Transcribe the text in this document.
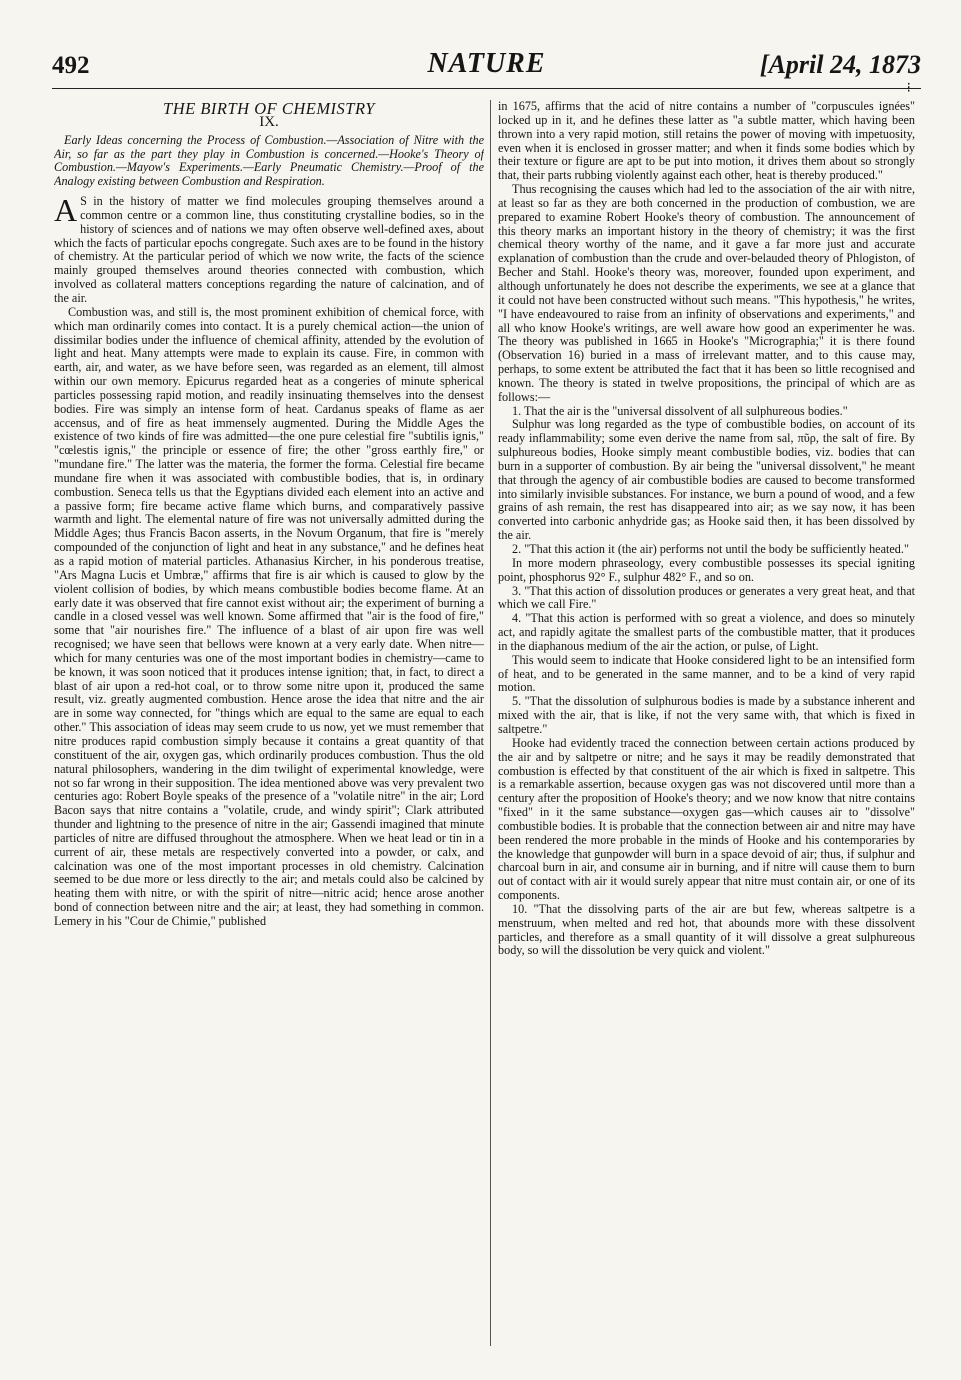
492	NATURE	[April 24, 1873
⁝
THE BIRTH OF CHEMISTRY
IX.
Early Ideas concerning the Process of Combustion.—Association of Nitre with the Air, so far as the part they play in Combustion is concerned.—Hooke's Theory of Combustion.—Mayow's Experiments.—Early Pneumatic Chemistry.—Proof of the Analogy existing between Combustion and Respiration.

A S in the history of matter we find molecules grouping themselves around a common centre or a common line, thus constituting crystalline bodies, so in the history of sciences and of nations we may often observe well-defined axes, about which the facts of particular epochs congregate. Such axes are to be found in the history of chemistry. At the particular period of which we now write, the facts of the science mainly grouped themselves around theories connected with combustion, which involved as collateral matters conceptions regarding the nature of calcination, and of the air.

Combustion was, and still is, the most prominent exhibition of chemical force, with which man ordinarily comes into contact. It is a purely chemical action—the union of dissimilar bodies under the influence of chemical affinity, attended by the evolution of light and heat. Many attempts were made to explain its cause. Fire, in common with earth, air, and water, as we have before seen, was regarded as an element, till almost within our own memory. Epicurus regarded heat as a congeries of minute spherical particles possessing rapid motion, and readily insinuating themselves into the densest bodies. Fire was simply an intense form of heat. Cardanus speaks of flame as aer accensus, and of fire as heat immensely augmented. During the Middle Ages the existence of two kinds of fire was admitted—the one pure celestial fire "subtilis ignis," "cœlestis ignis," the principle or essence of fire; the other "gross earthly fire," or "mundane fire." The latter was the materia, the former the forma. Celestial fire became mundane fire when it was associated with combustible bodies, that is, in ordinary combustion. Seneca tells us that the Egyptians divided each element into an active and a passive form; fire became active flame which burns, and comparatively passive warmth and light. The elemental nature of fire was not universally admitted during the Middle Ages; thus Francis Bacon asserts, in the Novum Organum, that fire is "merely compounded of the conjunction of light and heat in any substance," and he defines heat as a rapid motion of material particles. Athanasius Kircher, in his ponderous treatise, "Ars Magna Lucis et Umbræ," affirms that fire is air which is caused to glow by the violent collision of bodies, by which means combustible bodies become flame. At an early date it was observed that fire cannot exist without air; the experiment of burning a candle in a closed vessel was well known. Some affirmed that "air is the food of fire," some that "air nourishes fire." The influence of a blast of air upon fire was well recognised; we have seen that bellows were known at a very early date. When nitre—which for many centuries was one of the most important bodies in chemistry—came to be known, it was soon noticed that it produces intense ignition; that, in fact, to direct a blast of air upon a red-hot coal, or to throw some nitre upon it, produced the same result, viz. greatly augmented combustion. Hence arose the idea that nitre and the air are in some way connected, for "things which are equal to the same are equal to each other." This association of ideas may seem crude to us now, yet we must remember that nitre produces rapid combustion simply because it contains a great quantity of that constituent of the air, oxygen gas, which ordinarily produces combustion. Thus the old natural philosophers, wandering in the dim twilight of experimental knowledge, were not so far wrong in their supposition. The idea mentioned above was very prevalent two centuries ago: Robert Boyle speaks of the presence of a "volatile nitre" in the air; Lord Bacon says that nitre contains a "volatile, crude, and windy spirit"; Clark attributed thunder and lightning to the presence of nitre in the air; Gassendi imagined that minute particles of nitre are diffused throughout the atmosphere. When we heat lead or tin in a current of air, these metals are respectively converted into a powder, or calx, and calcination was one of the most important processes in old chemistry. Calcination seemed to be due more or less directly to the air; and metals could also be calcined by heating them with nitre, or with the spirit of nitre—nitric acid; hence arose another bond of connection between nitre and the air; at least, they had something in common. Lemery in his "Cour de Chimie," published

in 1675, affirms that the acid of nitre contains a number of "corpuscules ignées" locked up in it, and he defines these latter as "a subtle matter, which having been thrown into a very rapid motion, still retains the power of moving with impetuosity, even when it is enclosed in grosser matter; and when it finds some bodies which by their texture or figure are apt to be put into motion, it drives them about so strongly that, their parts rubbing violently against each other, heat is thereby produced."

Thus recognising the causes which had led to the association of the air with nitre, at least so far as they are both concerned in the production of combustion, we are prepared to examine Robert Hooke's theory of combustion. The announcement of this theory marks an important history in the theory of chemistry; it was the first chemical theory worthy of the name, and it gave a far more just and accurate explanation of combustion than the crude and over-belauded theory of Phlogiston, of Becher and Stahl. Hooke's theory was, moreover, founded upon experiment, and although unfortunately he does not describe the experiments, we see at a glance that it could not have been constructed without such means. "This hypothesis," he writes, "I have endeavoured to raise from an infinity of observations and experiments," and all who know Hooke's writings, are well aware how good an experimenter he was. The theory was published in 1665 in Hooke's "Micrographia;" it is there found (Observation 16) buried in a mass of irrelevant matter, and to this cause may, perhaps, to some extent be attributed the fact that it has been so little recognised and known. The theory is stated in twelve propositions, the principal of which are as follows:—

1. That the air is the "universal dissolvent of all sulphureous bodies."

Sulphur was long regarded as the type of combustible bodies, on account of its ready inflammability; some even derive the name from sal, πῦρ, the salt of fire. By sulphureous bodies, Hooke simply meant combustible bodies, viz. bodies that can burn in a supporter of combustion. By air being the "universal dissolvent," he meant that through the agency of air combustible bodies are caused to become transformed into similarly invisible substances. For instance, we burn a pound of wood, and a few grains of ash remain, the rest has disappeared into air; as we say now, it has been converted into carbonic anhydride gas; as Hooke said then, it has been dissolved by the air.

2. "That this action it (the air) performs not until the body be sufficiently heated."

In more modern phraseology, every combustible possesses its special igniting point, phosphorus 92° F., sulphur 482° F., and so on.

3. "That this action of dissolution produces or generates a very great heat, and that which we call Fire."

4. "That this action is performed with so great a violence, and does so minutely act, and rapidly agitate the smallest parts of the combustible matter, that it produces in the diaphanous medium of the air the action, or pulse, of Light.

This would seem to indicate that Hooke considered light to be an intensified form of heat, and to be generated in the same manner, and to be a kind of very rapid motion.

5. "That the dissolution of sulphurous bodies is made by a substance inherent and mixed with the air, that is like, if not the very same with, that which is fixed in saltpetre."

Hooke had evidently traced the connection between certain actions produced by the air and by saltpetre or nitre; and he says it may be readily demonstrated that combustion is effected by that constituent of the air which is fixed in saltpetre. This is a remarkable assertion, because oxygen gas was not discovered until more than a century after the proposition of Hooke's theory; and we now know that nitre contains "fixed" in it the same substance—oxygen gas—which causes air to "dissolve" combustible bodies. It is probable that the connection between air and nitre may have been rendered the more probable in the minds of Hooke and his contemporaries by the knowledge that gunpowder will burn in a space devoid of air; thus, if sulphur and charcoal burn in air, and consume air in burning, and if nitre will cause them to burn out of contact with air it would surely appear that nitre must contain air, or one of its components.

10. "That the dissolving parts of the air are but few, whereas saltpetre is a menstruum, when melted and red hot, that abounds more with these dissolvent particles, and therefore as a small quantity of it will dissolve a great sulphureous body, so will the dissolution be very quick and violent."
